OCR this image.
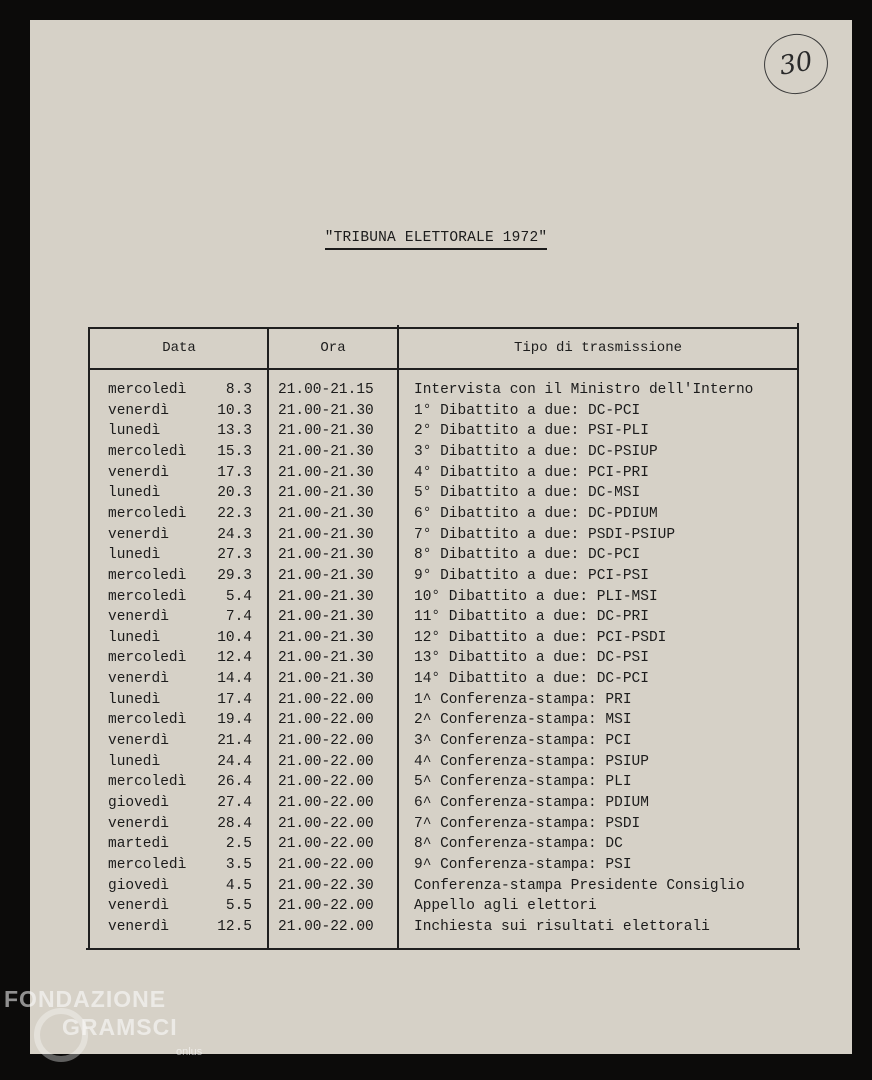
30
"TRIBUNA ELETTORALE 1972"
Data	Ora	Tipo di trasmissione
mercoledì	8.3 21.00-21.15	Intervista con il Ministro dell'Interno
venerdì	10.3 21.00-21.30	1° Dibattito a due: DC-PCI
lunedì	13.3 21.00-21.30	2° Dibattito a due: PSI-PLI
mercoledì	15.3 21.00-21.30	3° Dibattito a due: DC-PSIUP
venerdì	17.3 21.00-21.30	4° Dibattito a due: PCI-PRI
lunedì	20.3 21.00-21.30	5° Dibattito a due: DC-MSI
mercoledì	22.3 21.00-21.30	6° Dibattito a due: DC-PDIUM
venerdì	24.3 21.00-21.30	7° Dibattito a due: PSDI-PSIUP
lunedì	27.3 21.00-21.30	8° Dibattito a due: DC-PCI
mercoledì	29.3 21.00-21.30	9° Dibattito a due: PCI-PSI
mercoledì	5.4 21.00-21.30	10° Dibattito a due: PLI-MSI
venerdì	7.4 21.00-21.30	11° Dibattito a due: DC-PRI
lunedì	10.4 21.00-21.30	12° Dibattito a due: PCI-PSDI
mercoledì	12.4 21.00-21.30	13° Dibattito a due: DC-PSI
venerdì	14.4 21.00-21.30	14° Dibattito a due: DC-PCI
lunedì	17.4 21.00-22.00	1^ Conferenza-stampa: PRI
mercoledì	19.4 21.00-22.00	2^ Conferenza-stampa: MSI
venerdì	21.4 21.00-22.00	3^ Conferenza-stampa: PCI
lunedì	24.4 21.00-22.00	4^ Conferenza-stampa: PSIUP
mercoledì	26.4 21.00-22.00	5^ Conferenza-stampa: PLI
giovedì	27.4 21.00-22.00	6^ Conferenza-stampa: PDIUM
venerdì	28.4 21.00-22.00	7^ Conferenza-stampa: PSDI
martedì	2.5 21.00-22.00	8^ Conferenza-stampa: DC
mercoledì	3.5 21.00-22.00	9^ Conferenza-stampa: PSI
giovedì	4.5 21.00-22.30	Conferenza-stampa Presidente Consiglio
venerdì	5.5 21.00-22.00	Appello agli elettori
venerdì	12.5 21.00-22.00	Inchiesta sui risultati elettorali
FONDAZIONE
GRAMSCI
onlus
